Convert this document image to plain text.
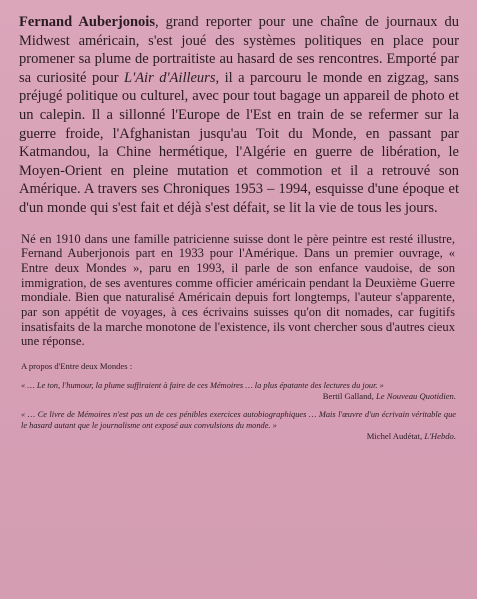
Fernand Auberjonois, grand reporter pour une chaîne de journaux du Midwest américain, s'est joué des systèmes politiques en place pour promener sa plume de portraitiste au hasard de ses rencontres. Emporté par sa curiosité pour L'Air d'Ailleurs, il a parcouru le monde en zigzag, sans préjugé politique ou culturel, avec pour tout bagage un appareil de photo et un calepin. Il a sillonné l'Europe de l'Est en train de se refermer sur la guerre froide, l'Afghanistan jusqu'au Toit du Monde, en passant par Katmandou, la Chine hermétique, l'Algérie en guerre de libération, le Moyen-Orient en pleine mutation et commotion et il a retrouvé son Amérique. A travers ses Chroniques 1953 – 1994, esquisse d'une époque et d'un monde qui s'est fait et déjà s'est défait, se lit la vie de tous les jours.

Né en 1910 dans une famille patricienne suisse dont le père peintre est resté illustre, Fernand Auberjonois part en 1933 pour l'Amérique. Dans un premier ouvrage, « Entre deux Mondes », paru en 1993, il parle de son enfance vaudoise, de son immigration, de ses aventures comme officier américain pendant la Deuxième Guerre mondiale. Bien que naturalisé Américain depuis fort longtemps, l'auteur s'apparente, par son appétit de voyages, à ces écrivains suisses qu'on dit nomades, car fugitifs insatisfaits de la marche monotone de l'existence, ils vont chercher sous d'autres cieux une réponse.

A propos d'Entre deux Mondes :
« … Le ton, l'humour, la plume suffiraient à faire de ces Mémoires … la plus épatante des lectures du jour. »
Bertil Galland, Le Nouveau Quotidien.
« … Ce livre de Mémoires n'est pas un de ces pénibles exercices autobiographiques … Mais l'œuvre d'un écrivain véritable que le hasard autant que le journalisme ont exposé aux convulsions du monde. »
Michel Audétat, L'Hebdo.
